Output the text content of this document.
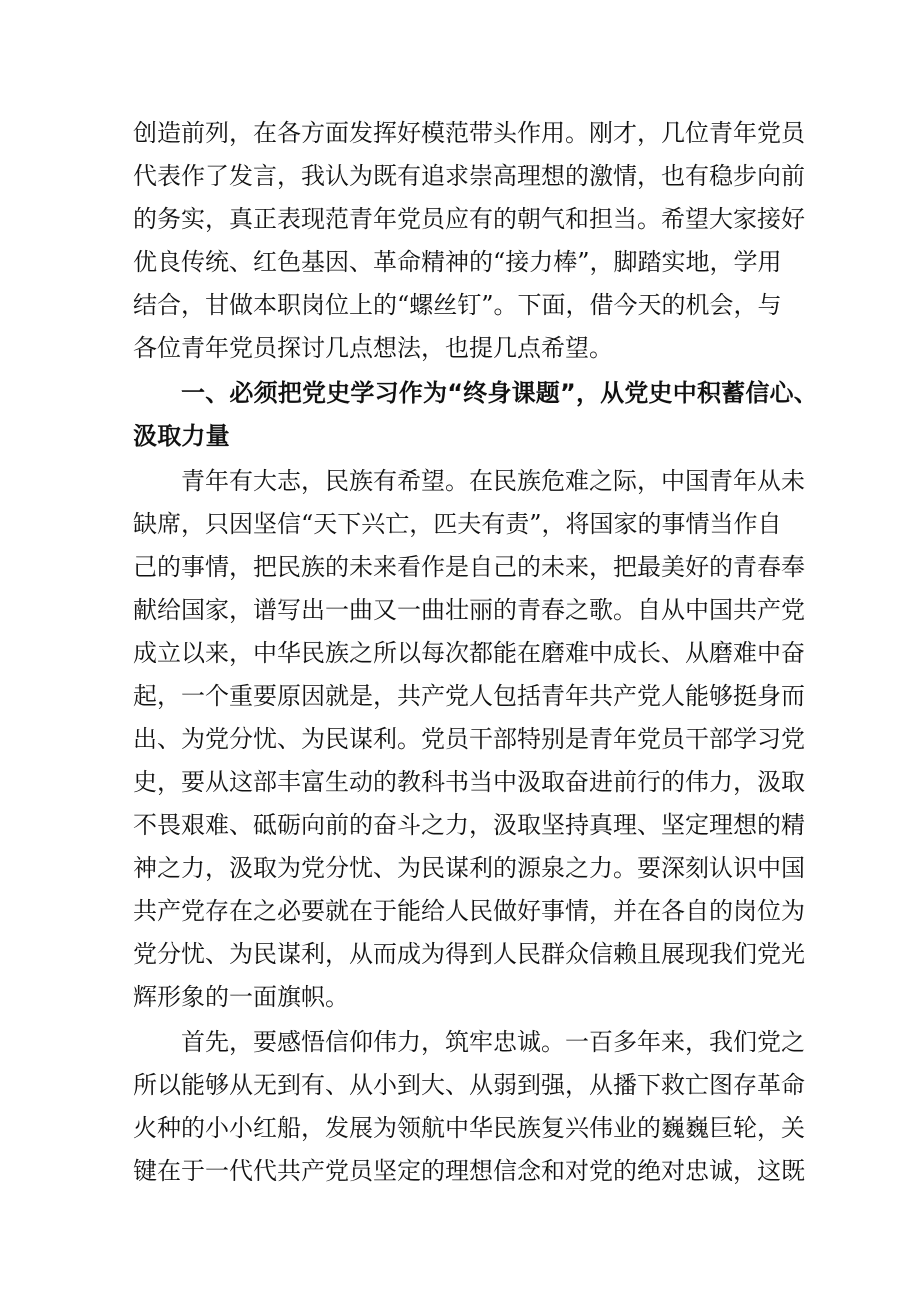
创造前列，在各方面发挥好模范带头作用。刚才，几位青年党员
代表作了发言，我认为既有追求崇高理想的激情，也有稳步向前
的务实，真正表现范青年党员应有的朝气和担当。希望大家接好
优良传统、红色基因、革命精神的“接力棒”，脚踏实地，学用
结合，甘做本职岗位上的“螺丝钉”。下面，借今天的机会，与
各位青年党员探讨几点想法，也提几点希望。
一、必须把党史学习作为“终身课题”，从党史中积蓄信心、
汲取力量
青年有大志，民族有希望。在民族危难之际，中国青年从未
缺席，只因坚信“天下兴亡，匹夫有责”，将国家的事情当作自
己的事情，把民族的未来看作是自己的未来，把最美好的青春奉
献给国家，谱写出一曲又一曲壮丽的青春之歌。自从中国共产党
成立以来，中华民族之所以每次都能在磨难中成长、从磨难中奋
起，一个重要原因就是，共产党人包括青年共产党人能够挺身而
出、为党分忧、为民谋利。党员干部特别是青年党员干部学习党
史，要从这部丰富生动的教科书当中汲取奋进前行的伟力，汲取
不畏艰难、砥砺向前的奋斗之力，汲取坚持真理、坚定理想的精
神之力，汲取为党分忧、为民谋利的源泉之力。要深刻认识中国
共产党存在之必要就在于能给人民做好事情，并在各自的岗位为
党分忧、为民谋利，从而成为得到人民群众信赖且展现我们党光
辉形象的一面旗帜。
首先，要感悟信仰伟力，筑牢忠诚。一百多年来，我们党之
所以能够从无到有、从小到大、从弱到强，从播下救亡图存革命
火种的小小红船，发展为领航中华民族复兴伟业的巍巍巨轮，关
键在于一代代共产党员坚定的理想信念和对党的绝对忠诚，这既
